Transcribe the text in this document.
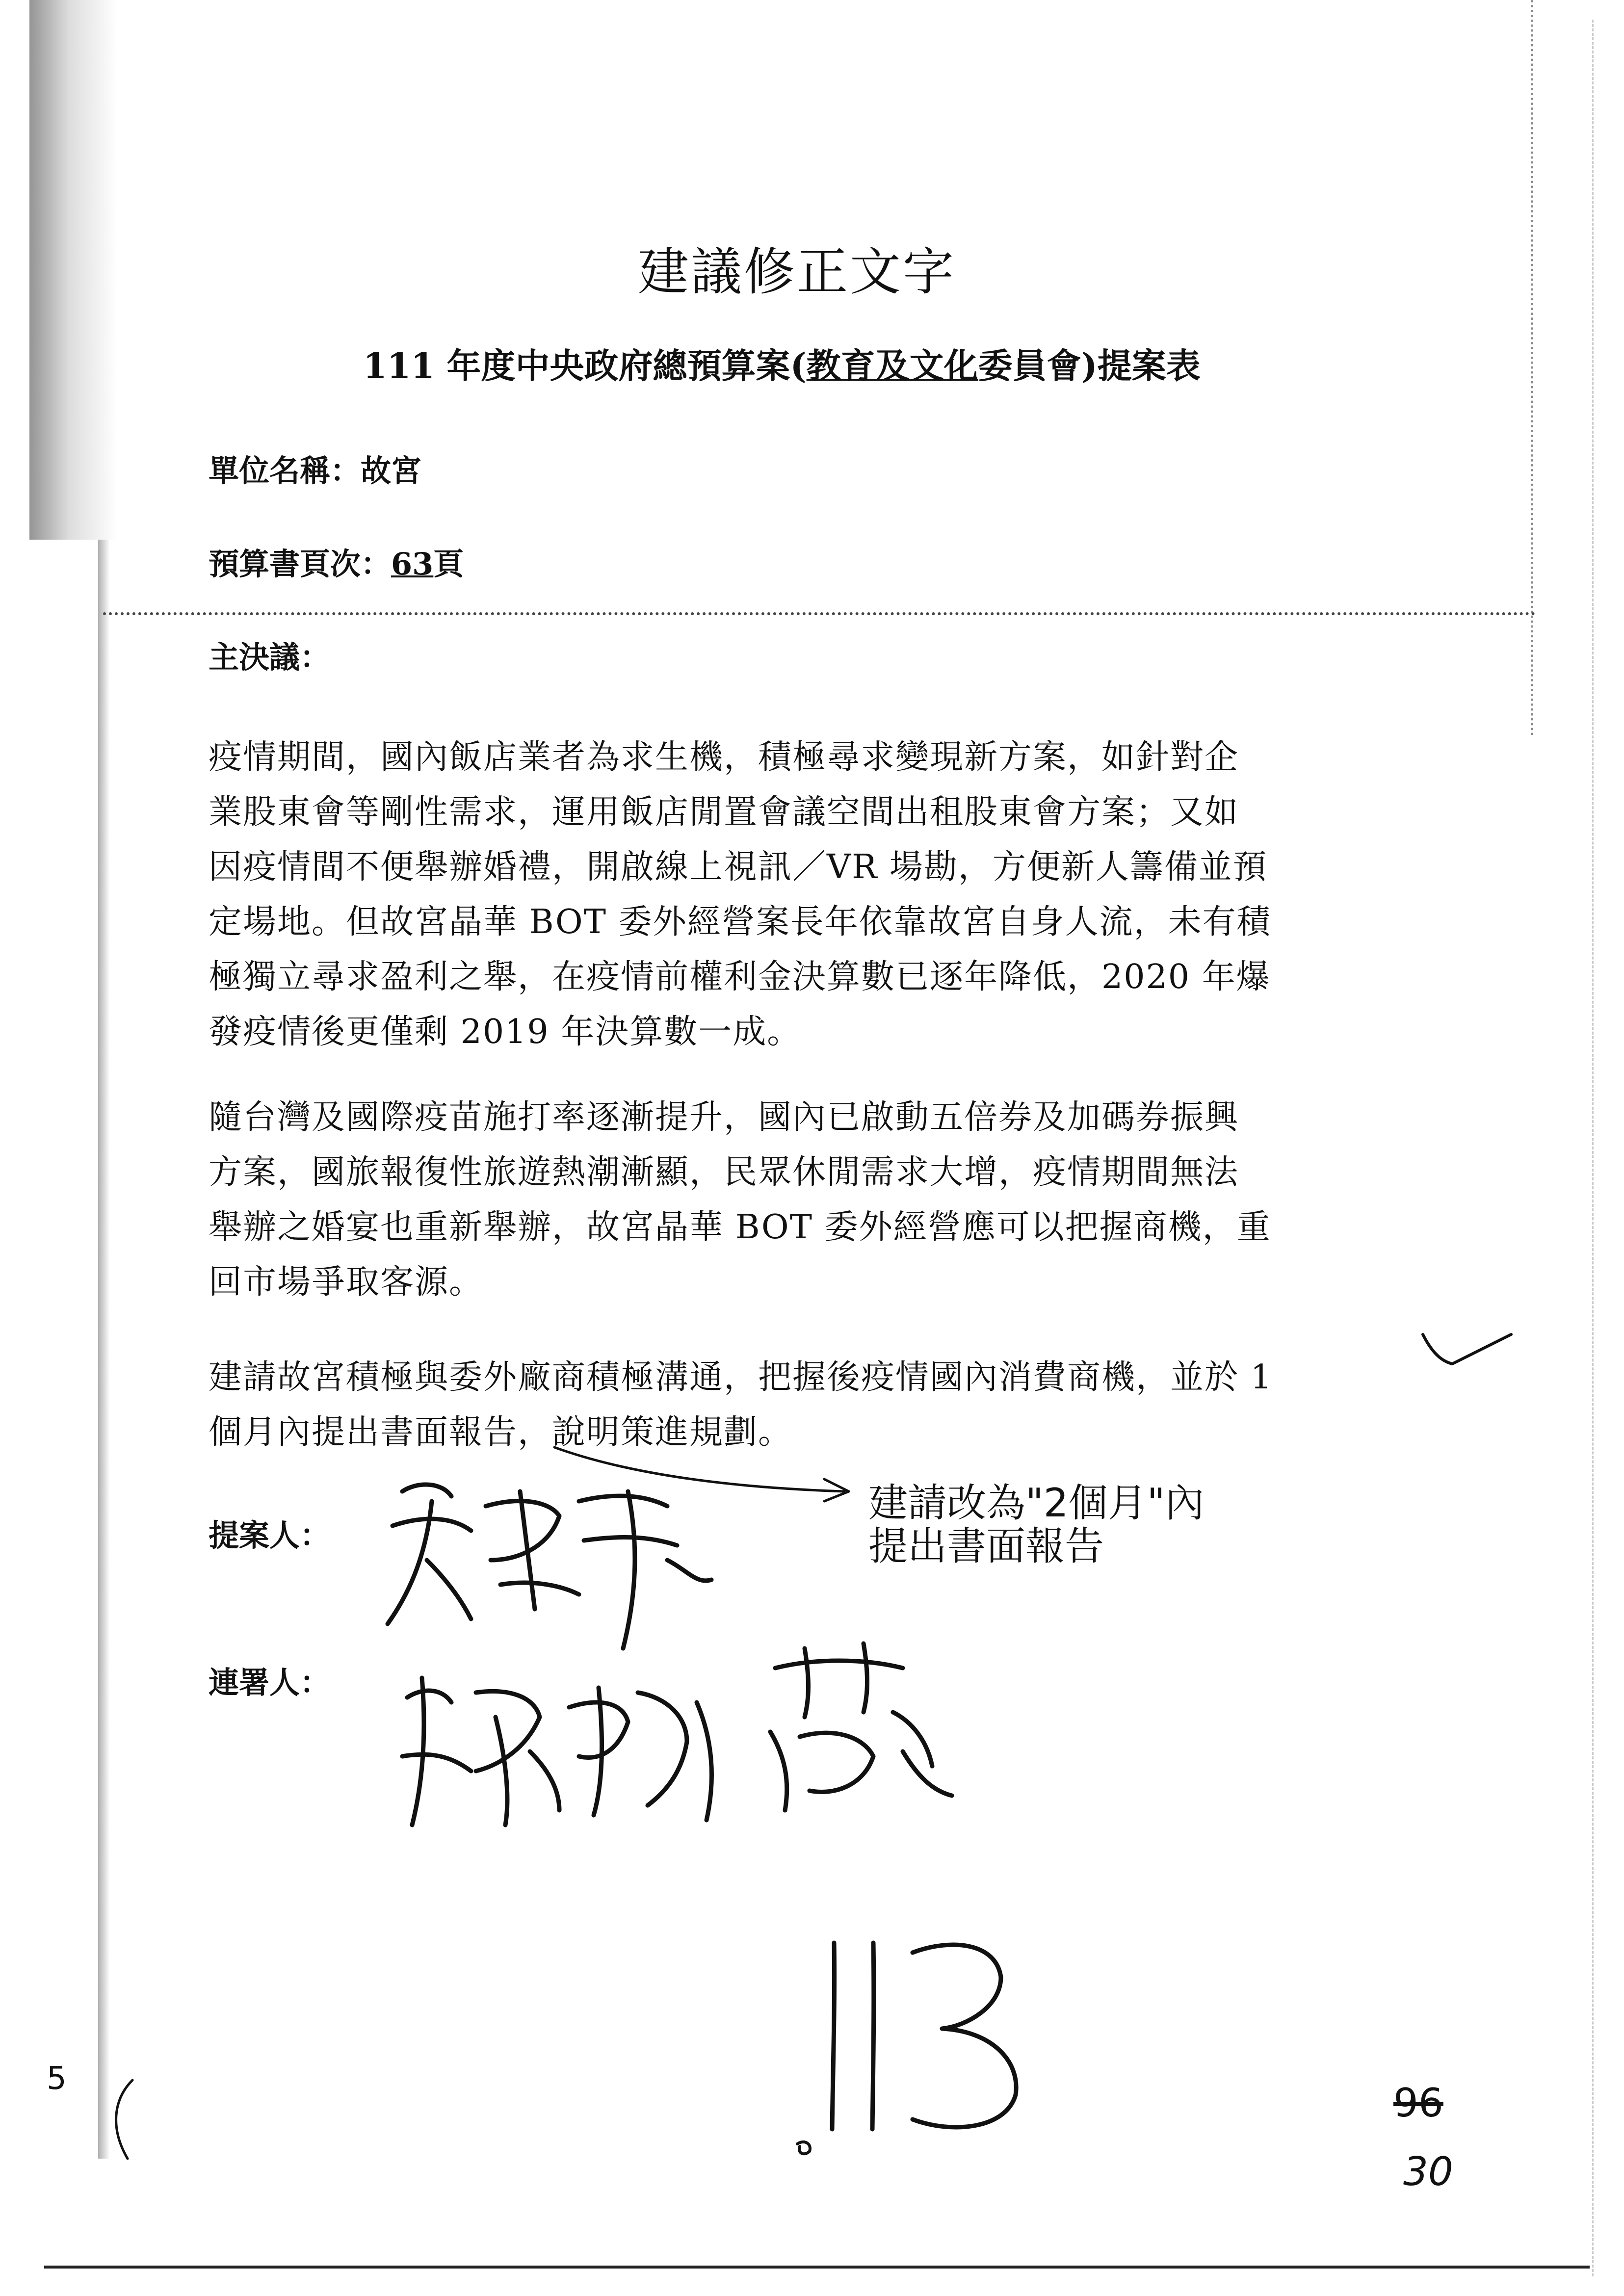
建議修正文字
111 年度中央政府總預算案(教育及文化委員會)提案表
單位名稱：故宮
預算書頁次：63頁
主決議：
疫情期間，國內飯店業者為求生機，積極尋求變現新方案，如針對企
業股東會等剛性需求，運用飯店閒置會議空間出租股東會方案；又如
因疫情間不便舉辦婚禮，開啟線上視訊／VR 場勘，方便新人籌備並預
定場地。但故宮晶華 BOT 委外經營案長年依靠故宮自身人流，未有積
極獨立尋求盈利之舉，在疫情前權利金決算數已逐年降低，2020 年爆
發疫情後更僅剩 2019 年決算數一成。
隨台灣及國際疫苗施打率逐漸提升，國內已啟動五倍券及加碼券振興
方案，國旅報復性旅遊熱潮漸顯，民眾休閒需求大增，疫情期間無法
舉辦之婚宴也重新舉辦，故宮晶華 BOT 委外經營應可以把握商機，重
回市場爭取客源。
建請故宮積極與委外廠商積極溝通，把握後疫情國內消費商機，並於 1
個月內提出書面報告，說明策進規劃。
建請改為"2個月"內
提出書面報告
提案人：
連署人：
5
96
30
